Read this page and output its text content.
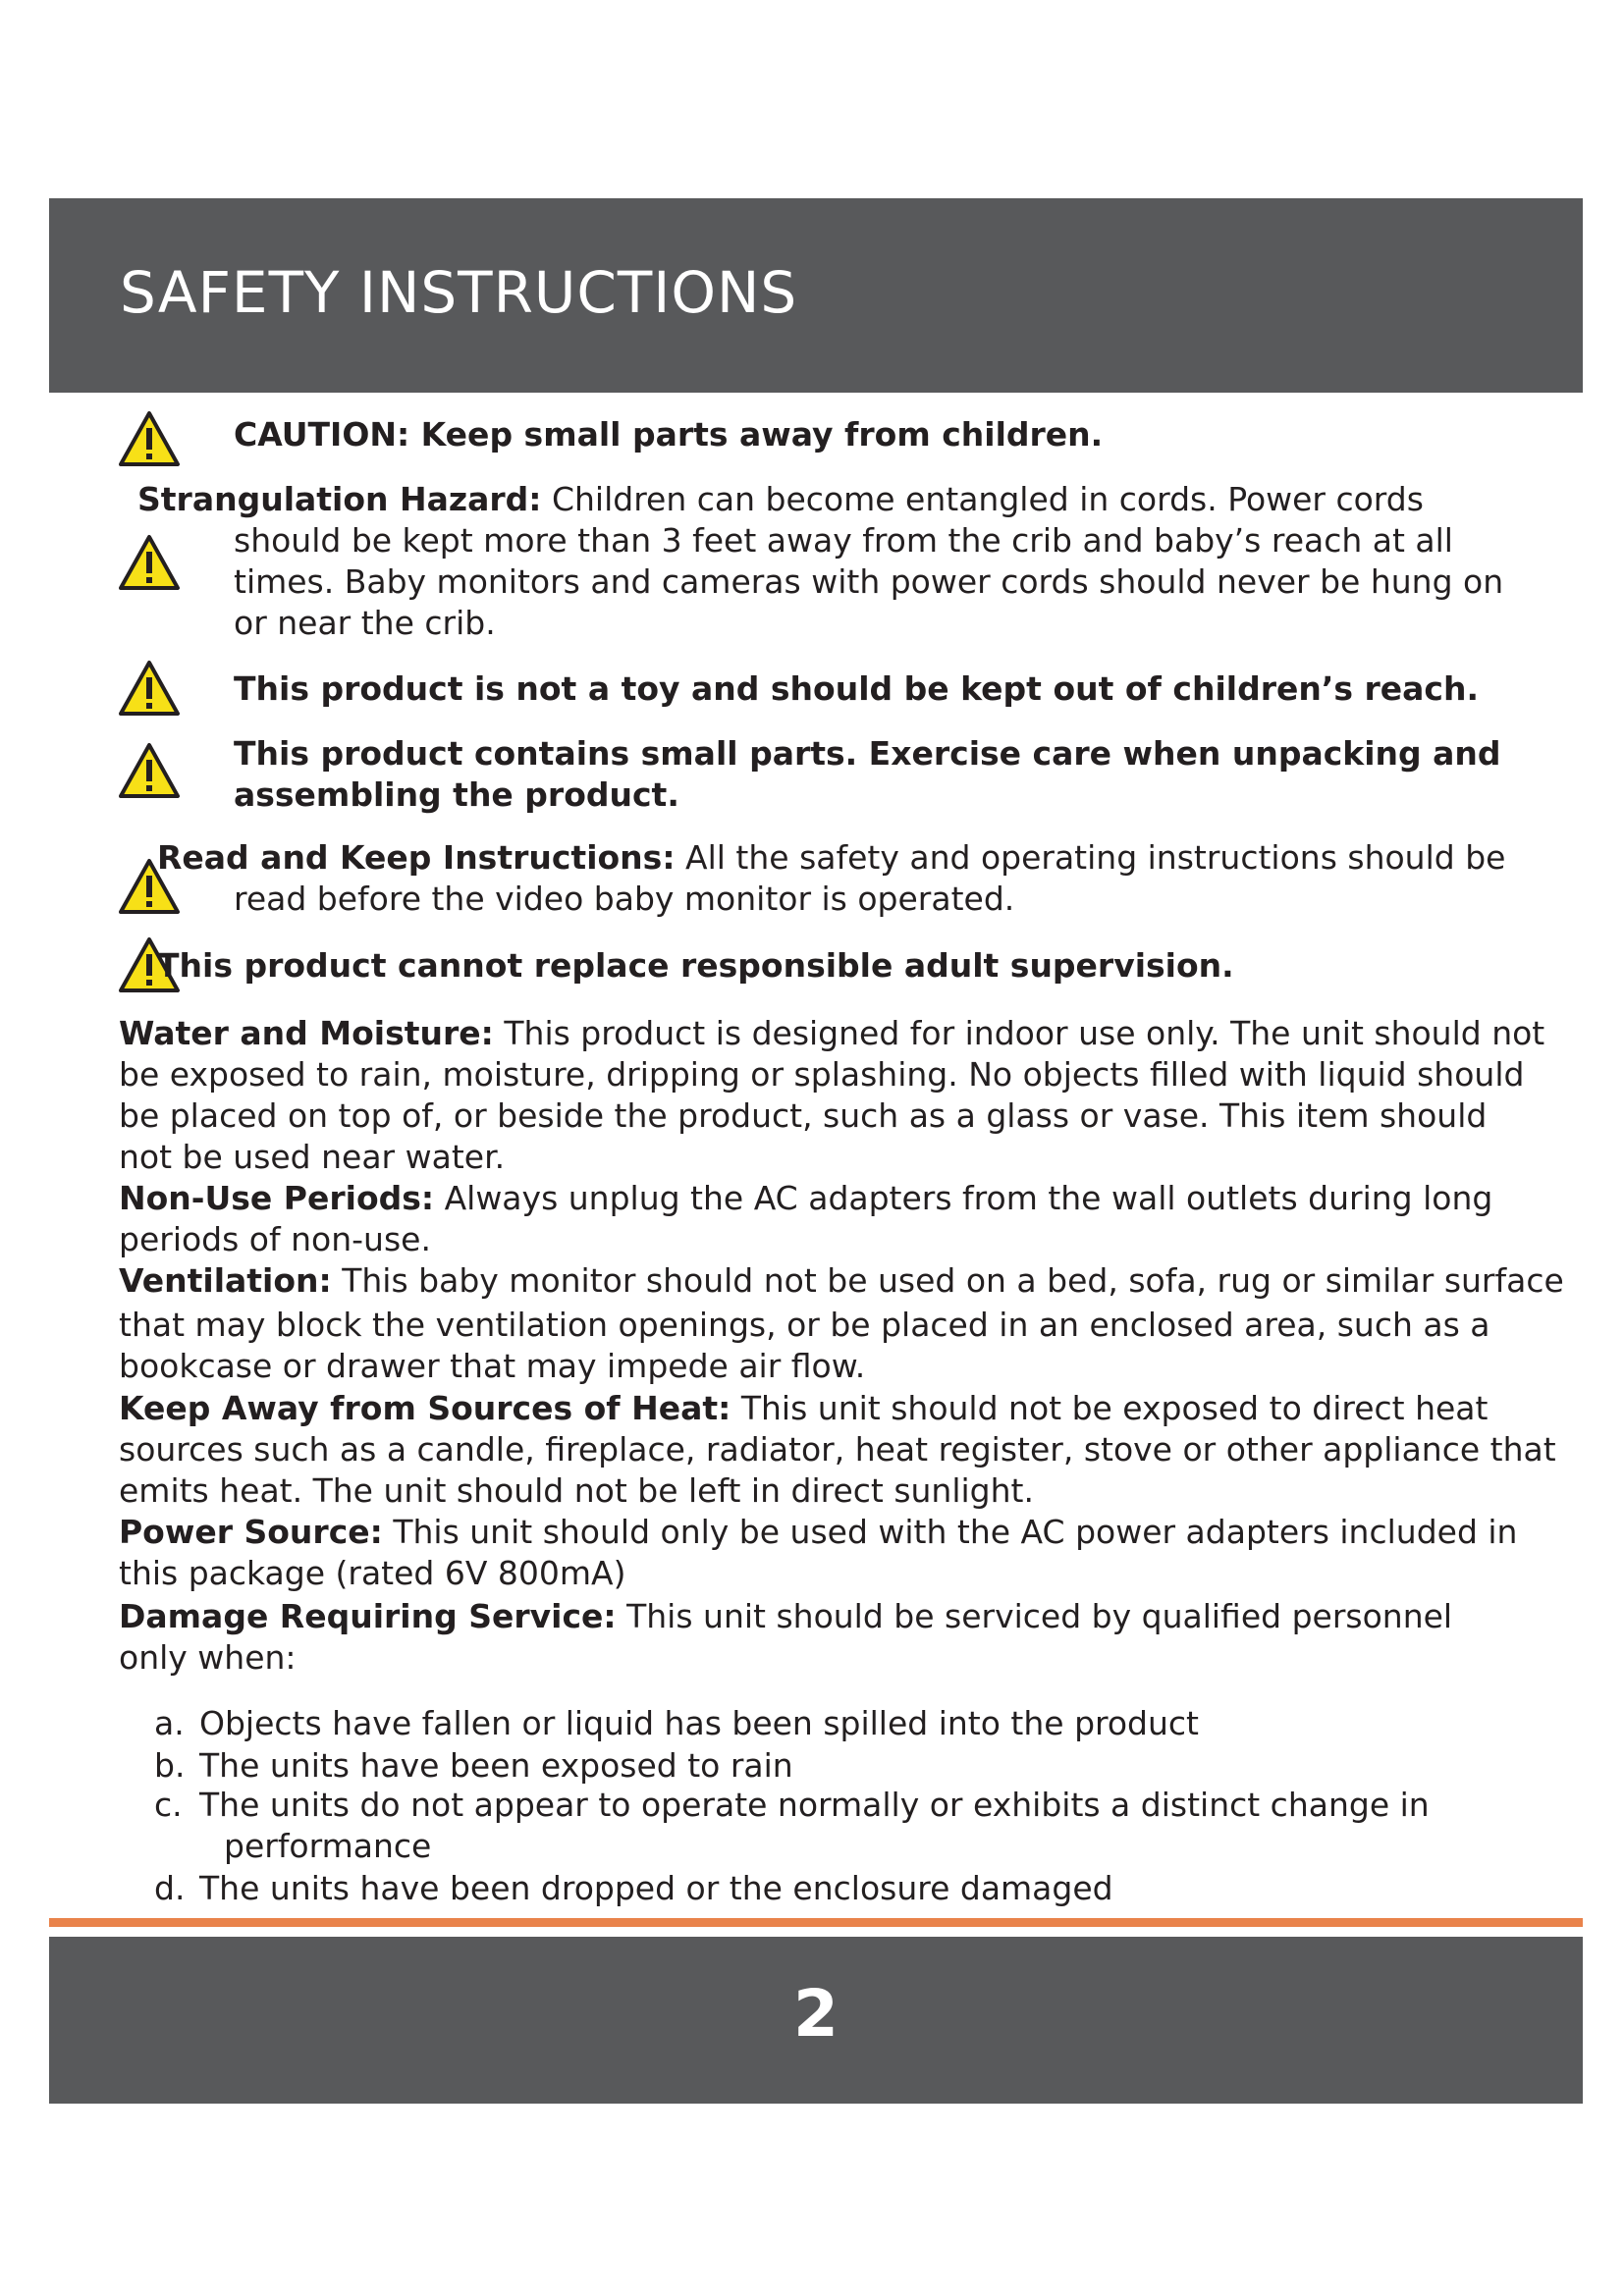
SAFETY INSTRUCTIONS
CAUTION: Keep small parts away from children.
Strangulation Hazard: Children can become entangled in cords. Power cords
should be kept more than 3 feet away from the crib and baby’s reach at all
times. Baby monitors and cameras with power cords should never be hung on
or near the crib.
This product is not a toy and should be kept out of children’s reach.
This product contains small parts. Exercise care when unpacking and
assembling the product.
Read and Keep Instructions: All the safety and operating instructions should be
read before the video baby monitor is operated.
This product cannot replace responsible adult supervision.
Water and Moisture: This product is designed for indoor use only. The unit should not
be exposed to rain, moisture, dripping or splashing. No objects filled with liquid should
be placed on top of, or beside the product, such as a glass or vase. This item should
not be used near water.
Non-Use Periods: Always unplug the AC adapters from the wall outlets during long
periods of non-use.
Ventilation: This baby monitor should not be used on a bed, sofa, rug or similar surface
that may block the ventilation openings, or be placed in an enclosed area, such as a
bookcase or drawer that may impede air flow.
Keep Away from Sources of Heat: This unit should not be exposed to direct heat
sources such as a candle, fireplace, radiator, heat register, stove or other appliance that
emits heat. The unit should not be left in direct sunlight.
Power Source: This unit should only be used with the AC power adapters included in
this package (rated 6V 800mA)
Damage Requiring Service: This unit should be serviced by qualified personnel
only when:
a. Objects have fallen or liquid has been spilled into the product
b. The units have been exposed to rain
c. The units do not appear to operate normally or exhibits a distinct change in
performance
d. The units have been dropped or the enclosure damaged
2
